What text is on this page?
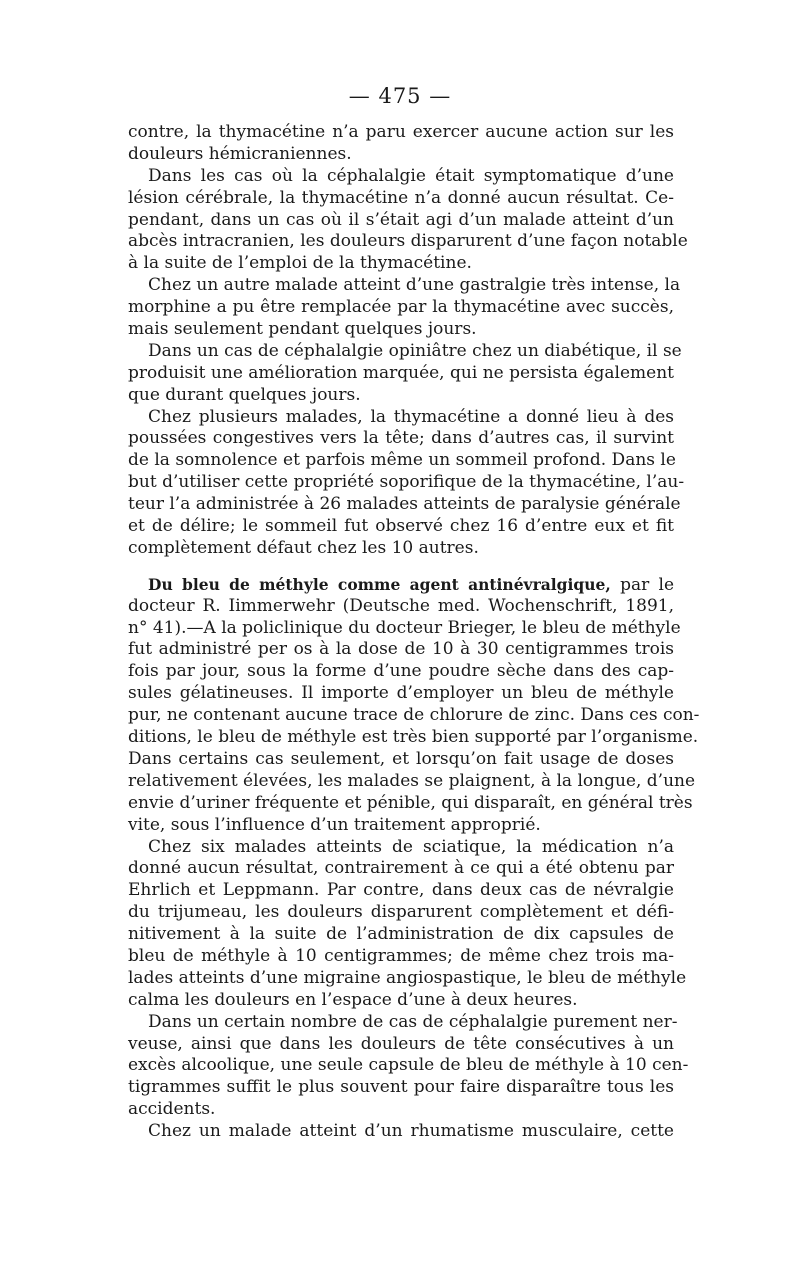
— 475 —
contre, la thymacétine n’a paru exercer aucune action sur les
douleurs hémicraniennes.
Dans les cas où la céphalalgie était symptomatique d’une
lésion cérébrale, la thymacétine n’a donné aucun résultat. Ce-
pendant, dans un cas où il s’était agi d’un malade atteint d’un
abcès intracranien, les douleurs disparurent d’une façon notable
à la suite de l’emploi de la thymacétine.
Chez un autre malade atteint d’une gastralgie très intense, la
morphine a pu être remplacée par la thymacétine avec succès,
mais seulement pendant quelques jours.
Dans un cas de céphalalgie opiniâtre chez un diabétique, il se
produisit une amélioration marquée, qui ne persista également
que durant quelques jours.
Chez plusieurs malades, la thymacétine a donné lieu à des
poussées congestives vers la tête; dans d’autres cas, il survint
de la somnolence et parfois même un sommeil profond. Dans le
but d’utiliser cette propriété soporifique de la thymacétine, l’au-
teur l’a administrée à 26 malades atteints de paralysie générale
et de délire; le sommeil fut observé chez 16 d’entre eux et fit
complètement défaut chez les 10 autres.
Du bleu de méthyle comme agent antinévralgique, par le
docteur R. Iimmerwehr (Deutsche med. Wochenschrift, 1891,
n° 41).—A la policlinique du docteur Brieger, le bleu de méthyle
fut administré per os à la dose de 10 à 30 centigrammes trois
fois par jour, sous la forme d’une poudre sèche dans des cap-
sules gélatineuses. Il importe d’employer un bleu de méthyle
pur, ne contenant aucune trace de chlorure de zinc. Dans ces con-
ditions, le bleu de méthyle est très bien supporté par l’organisme.
Dans certains cas seulement, et lorsqu’on fait usage de doses
relativement élevées, les malades se plaignent, à la longue, d’une
envie d’uriner fréquente et pénible, qui disparaît, en général très
vite, sous l’influence d’un traitement approprié.
Chez six malades atteints de sciatique, la médication n’a
donné aucun résultat, contrairement à ce qui a été obtenu par
Ehrlich et Leppmann. Par contre, dans deux cas de névralgie
du trijumeau, les douleurs disparurent complètement et défi-
nitivement à la suite de l’administration de dix capsules de
bleu de méthyle à 10 centigrammes; de même chez trois ma-
lades atteints d’une migraine angiospastique, le bleu de méthyle
calma les douleurs en l’espace d’une à deux heures.
Dans un certain nombre de cas de céphalalgie purement ner-
veuse, ainsi que dans les douleurs de tête consécutives à un
excès alcoolique, une seule capsule de bleu de méthyle à 10 cen-
tigrammes suffit le plus souvent pour faire disparaître tous les
accidents.
Chez un malade atteint d’un rhumatisme musculaire, cette
